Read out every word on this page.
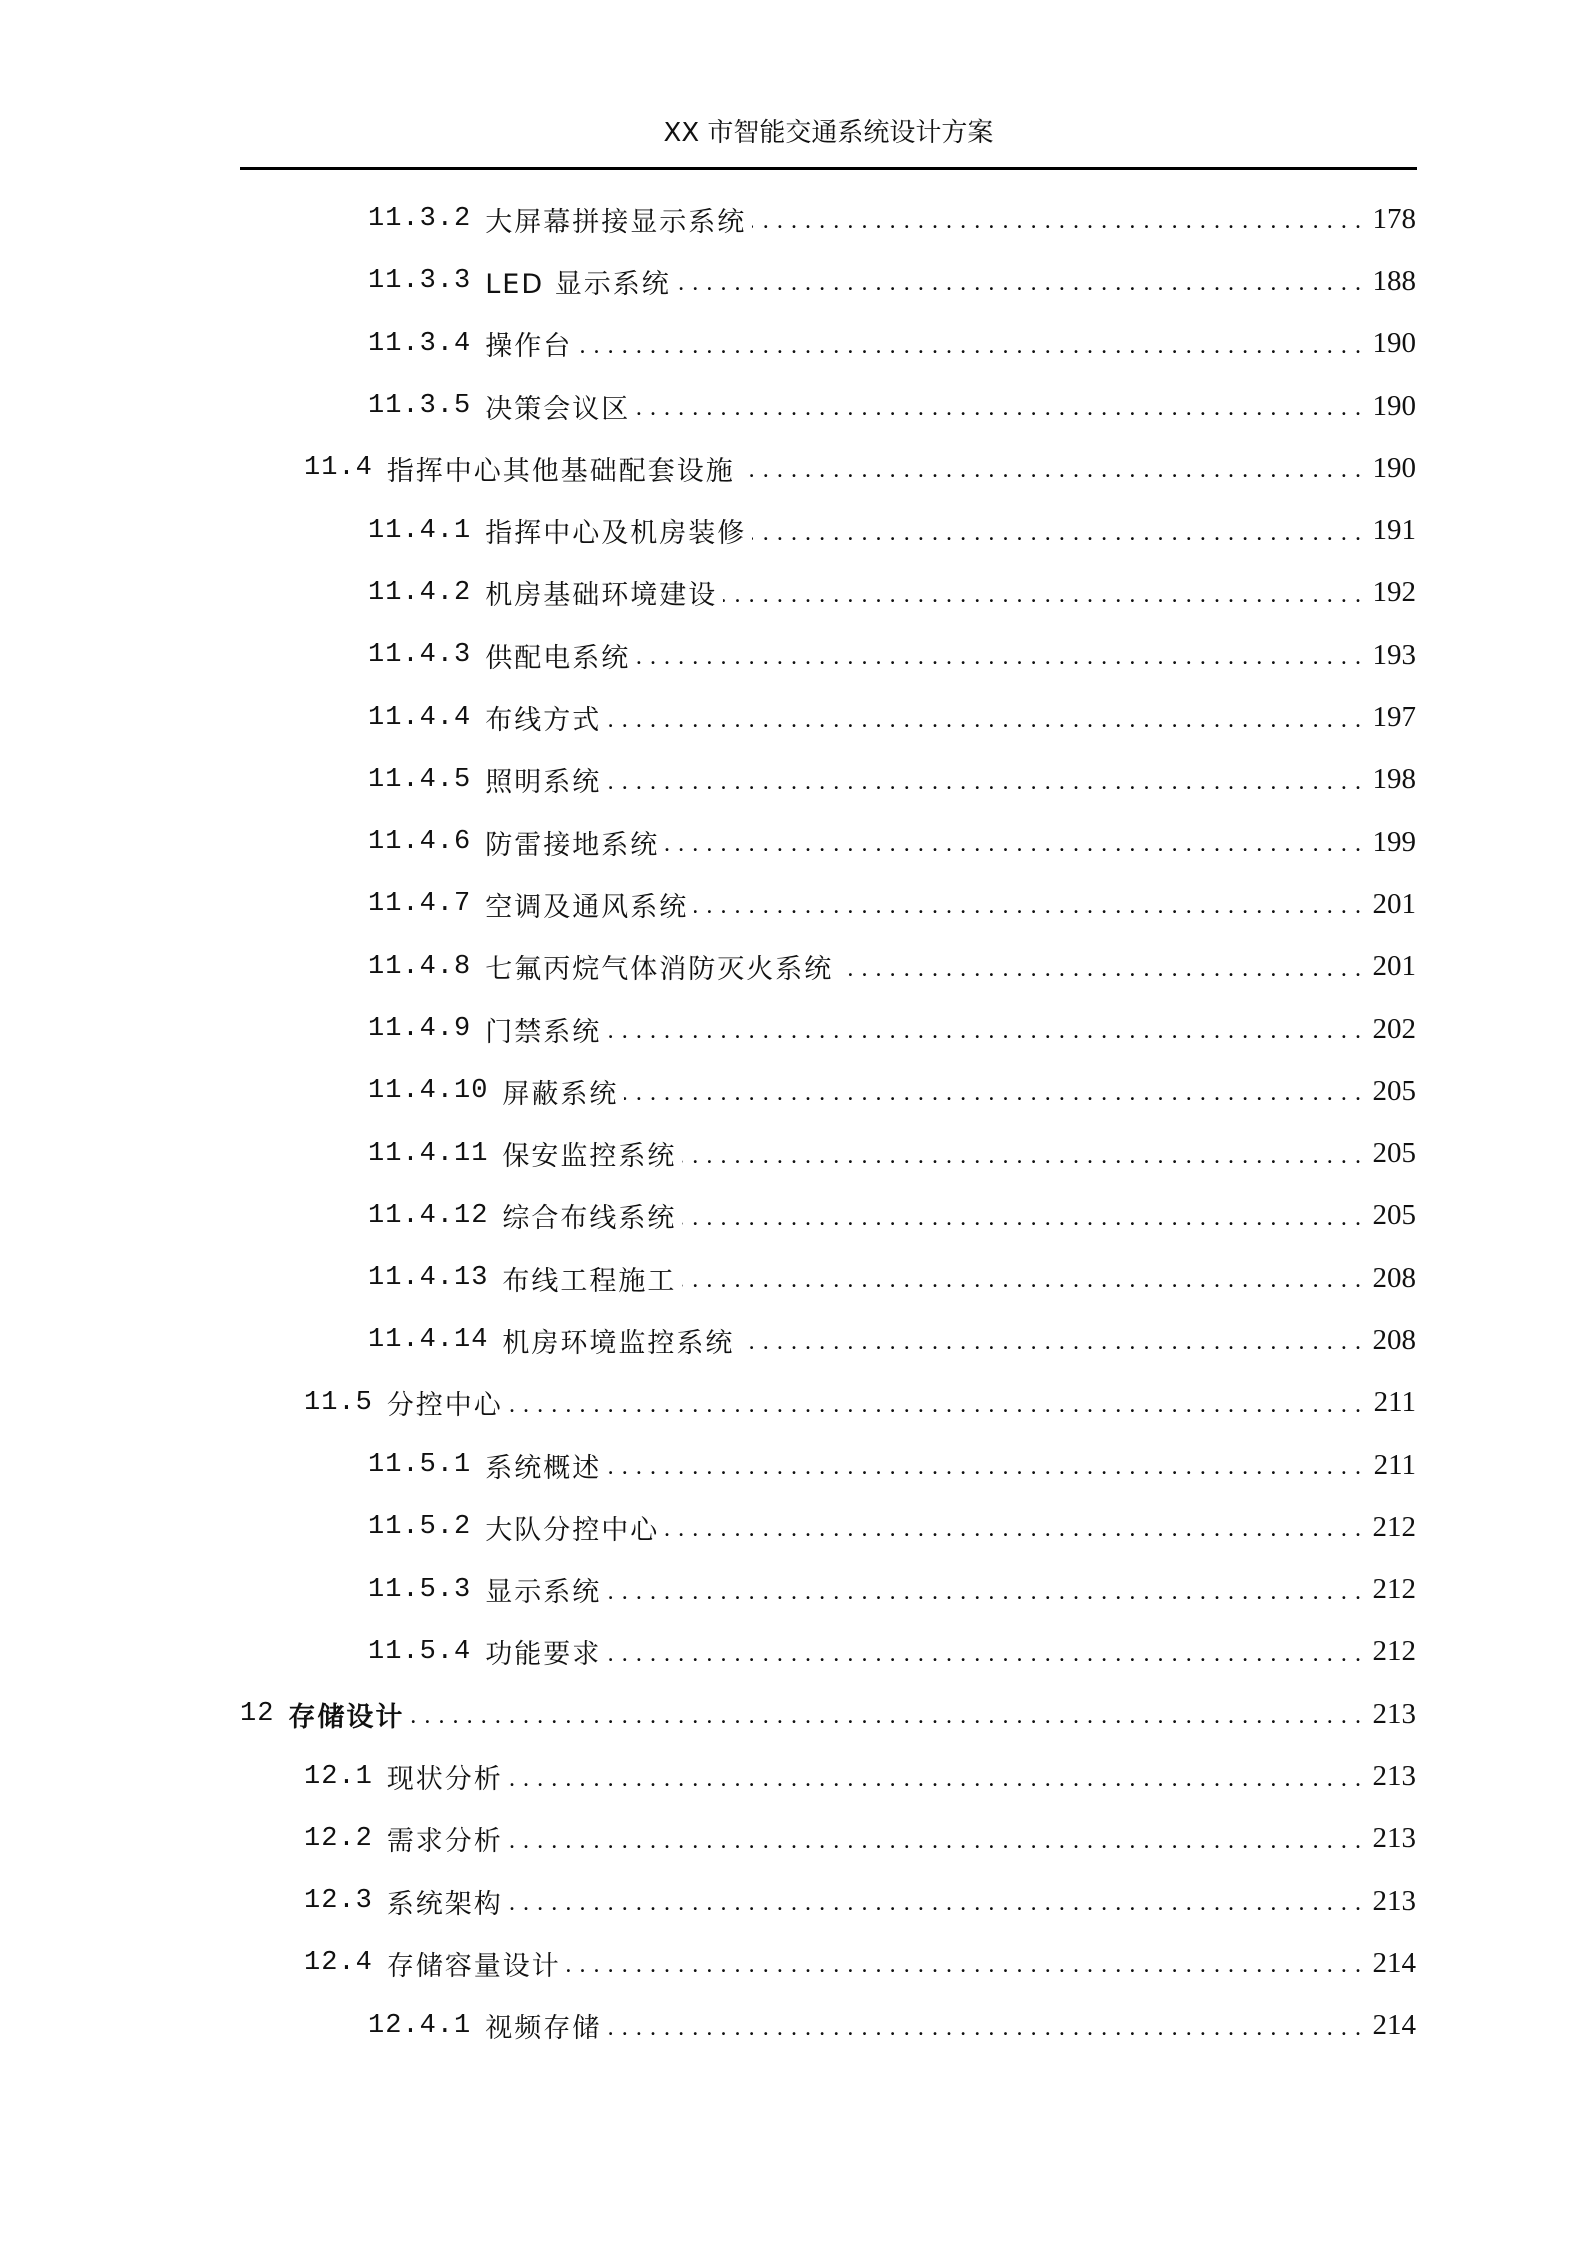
XX 市智能交通系统设计方案
11.3.2 大屏幕拼接显示系统 . . .	178
11.3.3 LED 显示系统 . . .	188
11.3.4 操作台 . . .	190
11.3.5 决策会议区 . . .	190
11.4 指挥中心其他基础配套设施 . . .	190
11.4.1 指挥中心及机房装修 . . .	191
11.4.2 机房基础环境建设 . . .	192
11.4.3 供配电系统 . . .	193
11.4.4 布线方式 . . .	197
11.4.5 照明系统 . . .	198
11.4.6 防雷接地系统 . . .	199
11.4.7 空调及通风系统 . . .	201
11.4.8 七氟丙烷气体消防灭火系统 . . .	201
11.4.9 门禁系统 . . .	202
11.4.10 屏蔽系统 . . .	205
11.4.11 保安监控系统 . . .	205
11.4.12 综合布线系统 . . .	205
11.4.13 布线工程施工 . . .	208
11.4.14 机房环境监控系统 . . .	208
11.5 分控中心 . . .	211
11.5.1 系统概述 . . .	211
11.5.2 大队分控中心 . . .	212
11.5.3 显示系统 . . .	212
11.5.4 功能要求 . . .	212
12 存储设计 . . .	213
12.1 现状分析 . . .	213
12.2 需求分析 . . .	213
12.3 系统架构 . . .	213
12.4 存储容量设计 . . .	214
12.4.1 视频存储 . . .	214
